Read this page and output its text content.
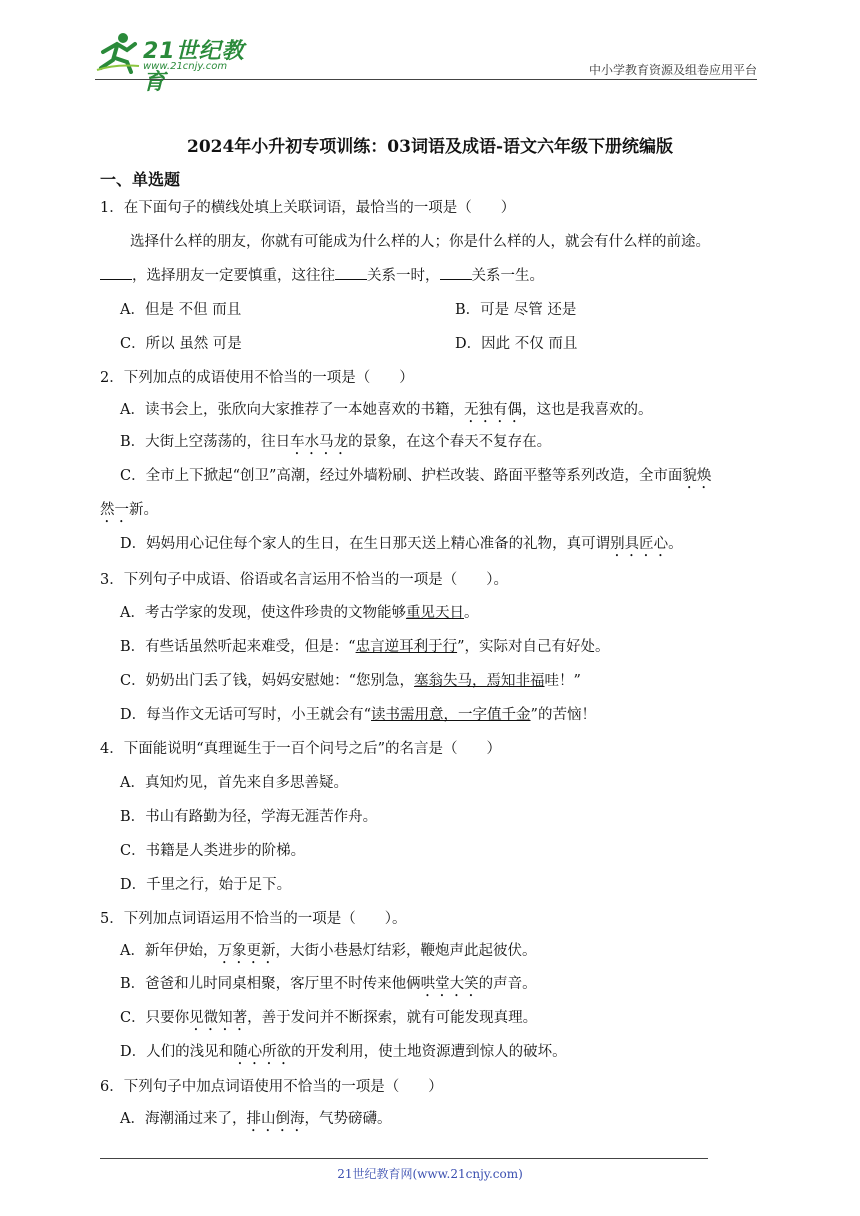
21世纪教育
www.21cnjy.com	中小学教育资源及组卷应用平台
2024年小升初专项训练：03词语及成语-语文六年级下册统编版
一、单选题
1．在下面句子的横线处填上关联词语，最恰当的一项是（　　）
选择什么样的朋友，你就有可能成为什么样的人；你是什么样的人，就会有什么样的前途。
，选择朋友一定要慎重，这往往 关系一时， 关系一生。
A．但是 不但 而且	B．可是 尽管 还是
C．所以 虽然 可是	D．因此 不仅 而且
2．下列加点的成语使用不恰当的一项是（　　）
A．读书会上，张欣向大家推荐了一本她喜欢的书籍，无独有偶，这也是我喜欢的。
B．大街上空荡荡的，往日车水马龙的景象，在这个春天不复存在。
C．全市上下掀起“创卫”高潮，经过外墙粉刷、护栏改装、路面平整等系列改造，全市面貌焕
然一新。
D．妈妈用心记住每个家人的生日，在生日那天送上精心准备的礼物，真可谓别具匠心。
3．下列句子中成语、俗语或名言运用不恰当的一项是（　　）。
A．考古学家的发现，使这件珍贵的文物能够重见天日。
B．有些话虽然听起来难受，但是：“忠言逆耳利于行”，实际对自己有好处。
C．奶奶出门丢了钱，妈妈安慰她：“您别急，塞翁失马，焉知非福哇！”
D．每当作文无话可写时，小王就会有“读书需用意，一字值千金”的苦恼！
4．下面能说明“真理诞生于一百个问号之后”的名言是（　　）
A．真知灼见，首先来自多思善疑。
B．书山有路勤为径，学海无涯苦作舟。
C．书籍是人类进步的阶梯。
D．千里之行，始于足下。
5．下列加点词语运用不恰当的一项是（　　）。
A．新年伊始，万象更新，大街小巷悬灯结彩，鞭炮声此起彼伏。
B．爸爸和儿时同桌相聚，客厅里不时传来他俩哄堂大笑的声音。
C．只要你见微知著，善于发问并不断探索，就有可能发现真理。
D．人们的浅见和随心所欲的开发利用，使土地资源遭到惊人的破坏。
6．下列句子中加点词语使用不恰当的一项是（　　）
A．海潮涌过来了，排山倒海，气势磅礴。
21世纪教育网(www.21cnjy.com)
